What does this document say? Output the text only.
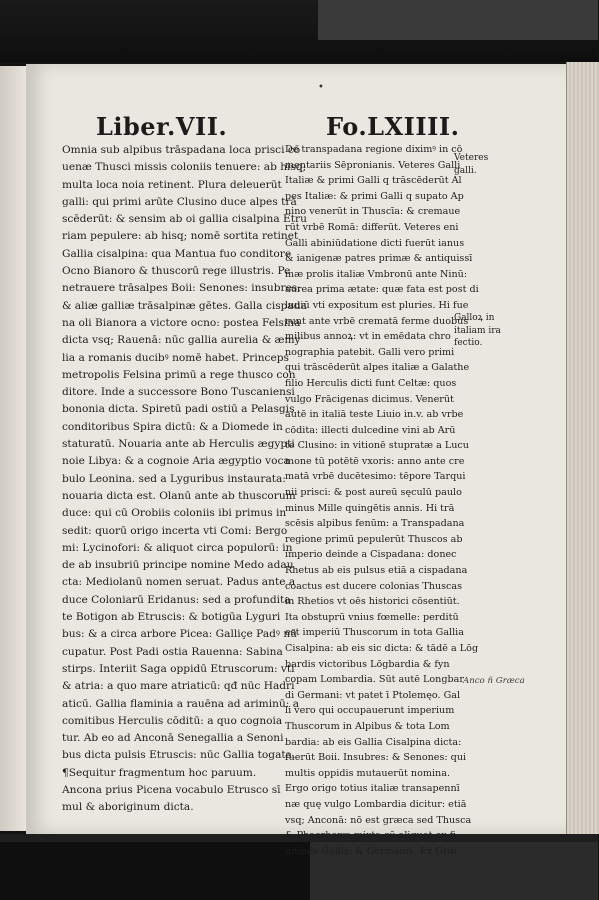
•
Liber.VII.	Fo.LXIIII.
Omnia sub alpibus trāspadana loca prisci cō
uenæ Thusci missis coloniis tenuere: ab hisꝗ;
multa loca noia retinent. Plura deleuerūt
galli: qui primi arūte Clusino duce alpes trā
scēderūt: & sensim ab oi gallia cisalpina Etru
riam pepulere: ab hisq; nomē sortita retinet
Gallia cisalpina: qua Mantua fuo conditore
Ocno Bianoro & thuscorū rege illustris. Pe
netrauere trāsalpes Boii: Senones: insubres:
& aliæ galliæ trāsalpinæ gētes. Galla cispada
na oli Bianora a victore ocno: postea Felsina
dicta vsq; Rauenā: nūc gallia aurelia & æmy
lia a romanis ducibꝰ nomē habet. Princeps
metropolis Felsina primū a rege thusco con
ditore. Inde a successore Bono Tuscaniensi
bononia dicta. Spiretū padi ostiū a Pelasgis
conditoribus Spira dictū: & a Diomede in
staturatū. Nouaria ante ab Herculis ægypti
noie Libya: & a cognoie Aria ægyptio voca
bulo Leonina. sed a Lyguribus instaurata:
nouaria dicta est. Olanū ante ab thuscorum
duce: qui cū Orobiis coloniis ibi primus in
sedit: quorū origo incerta vti Comi: Bergo
mi: Lycinofori: & aliquot circa populorū: in
de ab insubriū principe nomine Medo adau
cta: Mediolanū nomen seruat. Padus ante a
duce Coloniarū Eridanus: sed a profundita
te Botigon ab Etruscis: & botigūa Lyguri
bus: & a circa arbore Picea: Galliçe Padꝰ nū
cupatur. Post Padi ostia Rauenna: Sabina
stirps. Interiit Saga oppidū Etruscorum: vti
& atria: a quo mare atriaticū: qđ nūc Hadri
aticū. Gallia flaminia a rauēna ad ariminū: a
comitibus Herculis cōditū: a quo cognoia
tur. Ab eo ad Anconā Senegallia a Senoni
bus dicta pulsis Etruscis: nūc Gallia togata.
¶Sequitur fragmentum hoc paruum.
Ancona prius Picena vocabulo Etrusco sī
mul & aboriginum dicta.
De transpadana regione diximꝰ in cō
mentariis Sēpronianis. Veteres Galli
Italiæ & primi Galli q trāscēderūt Al
pes Italiæ: & primi Galli q supato Ap
nino venerūt in Thuscīa: & cremaue
rūt vrbē Romā: differūt. Veteres eni
Galli abiniūdatione dicti fuerūt ianus
& ianigenæ patres primæ & antiquissī
mæ prolis italiæ Vmbronū ante Ninū:
aurea prima ætate: quæ fata est post di
luuiū vti expositum est pluries. Hi fue
runt ante vrbē crematā ferme duobus
milibus annoꝝ: vt in emēdata chro
nographia patebit. Galli vero primi
qui trāscēderūt alpes italiæ a Galathe
filio Herculis dicti funt Celtæ: quos
vulgo Frācigenas dicimus. Venerūt
autē in italiā teste Liuio in.v. ab vrbe
cōdita: illecti dulcedine vini ab Arū
te Clusino: in vitionē stupratæ a Lucu
mone tū potētē vxoris: anno ante cre
matā vrbē ducētesimo: tēpore Tarqui
nii prisci: & post aureū sęculū paulo
minus Mille quingētis annis. Hi trā
scēsis alpibus fenūm: a Transpadana
regione primū pepulerūt Thuscos ab
imperio deinde a Cispadana: donec
Rhetus ab eis pulsus etiā a cispadana
coactus est ducere colonias Thuscas
in Rhetios vt oēs historici cōsentiūt.
Ita obstuprū vnius fœmelle: perditū
est imperiū Thuscorum in tota Gallia
Cisalpina: ab eis sic dicta: & tādē a Lōg
bardis victoribus Lōgbardia & fyn
copam Lombardia. Sūt autē Longbar
di Germani: vt patet ī Ptolemęo. Gal
li vero qui occupauerunt imperium
Thuscorum in Alpibus & tota Lom
bardia: ab eis Gallia Cisalpina dicta:
fuerūt Boii. Insubres: & Senones: qui
multis oppidis mutauerūt nomina.
Ergo origo totius italiæ transapennī
næ quę vulgo Lombardia dicitur: etiā
vsq; Anconā: nō est græca sed Thusca
& Phaerhoræ mixta cū aliquot ex fi
nitimis Gallis: & Germanis. Ex Græ
Veteres
galli.
Galloꝝ in
italiam ira
fectio.
Anco ñ Græca
